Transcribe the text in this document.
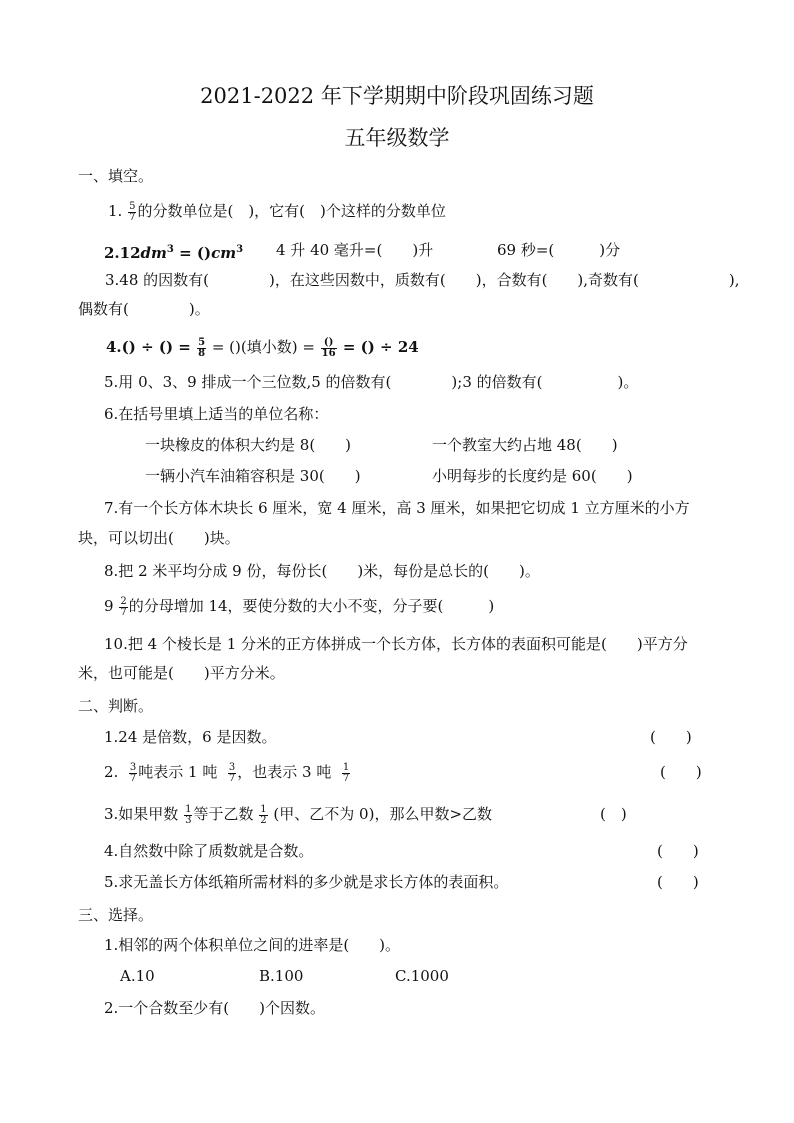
2021-2022 年下学期期中阶段巩固练习题
五年级数学
一、填空。
1. $\frac{5}{7}$ 的分数单位是(　)，它有(　)个这样的分数单位
$2.12dm^3 = ()cm^3$ 4 升 40 毫升=(　　)升	69 秒=(　　　)分
3.48 的因数有(　　　　)，在这些因数中，质数有(　　)，合数有(　　),奇数有(　　　　　　),
偶数有(　　　　)。
4.() ÷ () = $\frac{5}{8}$ = ()(填小数) = $\frac{()}{16}$ = () ÷ 24
5.用 0、3、9 排成一个三位数,5 的倍数有(　　　　);3 的倍数有(　　　　　)。
6.在括号里填上适当的单位名称：
一块橡皮的体积大约是 8(　　)	一个教室大约占地 48(　　)
一辆小汽车油箱容积是 30(　　)	小明每步的长度约是 60(　　)
7.有一个长方体木块长 6 厘米，宽 4 厘米，高 3 厘米，如果把它切成 1 立方厘米的小方
块，可以切出(　　)块。
8.把 2 米平均分成 9 份，每份长(　　)米，每份是总长的(　　)。
$9 \frac{2}{7}$ 的分母增加 14，要使分数的大小不变，分子要(　　　)
10.把 4 个棱长是 1 分米的正方体拼成一个长方体，长方体的表面积可能是(　　)平方分
米，也可能是(　　)平方分米。
二、判断。
1.24 是倍数，6 是因数。	(　　)
2. $\frac{3}{7}$ 吨表示 1 吨 $\frac{3}{7}$ ，也表示 3 吨 $\frac{1}{7}$	(　　)
3.如果甲数 $\frac{1}{3}$ 等于乙数 $\frac{1}{2}$ (甲、乙不为 0)，那么甲数>乙数	(　)
4.自然数中除了质数就是合数。	(　　)
5.求无盖长方体纸箱所需材料的多少就是求长方体的表面积。	(　　)
三、选择。
1.相邻的两个体积单位之间的进率是(　　)。
A.10	B.100	C.1000
2.一个合数至少有(　　)个因数。
